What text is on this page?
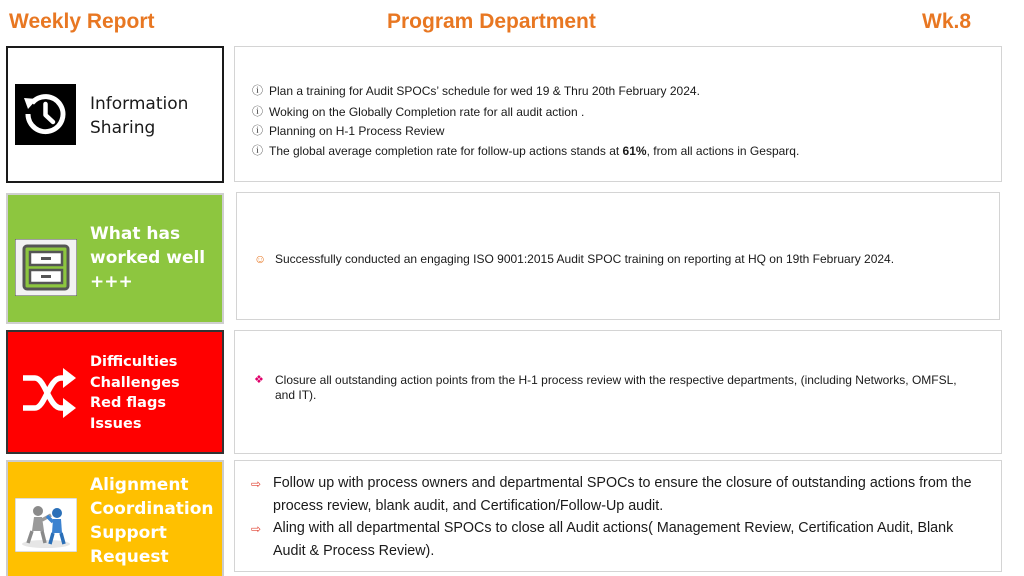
Weekly Report	Program Department	Wk.8
Information
Sharing
ⓘ Plan a training for Audit SPOCs’ schedule for wed 19 & Thru 20th February 2024.
ⓘ Woking on the Globally Completion rate for all audit action .
ⓘ Planning on H-1 Process Review
ⓘ The global average completion rate for follow-up actions stands at 61%, from all actions in Gesparq.
What has
worked well
+++
☺ Successfully conducted an engaging ISO 9001:2015 Audit SPOC training on reporting at HQ on 19th February 2024.
Difficulties
Challenges
Red flags
Issues
❖ Closure all outstanding action points from the H-1 process review with the respective departments, (including Networks, OMFSL, and IT).
Alignment
Coordination
Support
Request
⇨ Follow up with process owners and departmental SPOCs to ensure the closure of outstanding actions from the process review, blank audit, and Certification/Follow-Up audit.
⇨ Aling with all departmental SPOCs to close all Audit actions( Management Review, Certification Audit, Blank Audit & Process Review).
